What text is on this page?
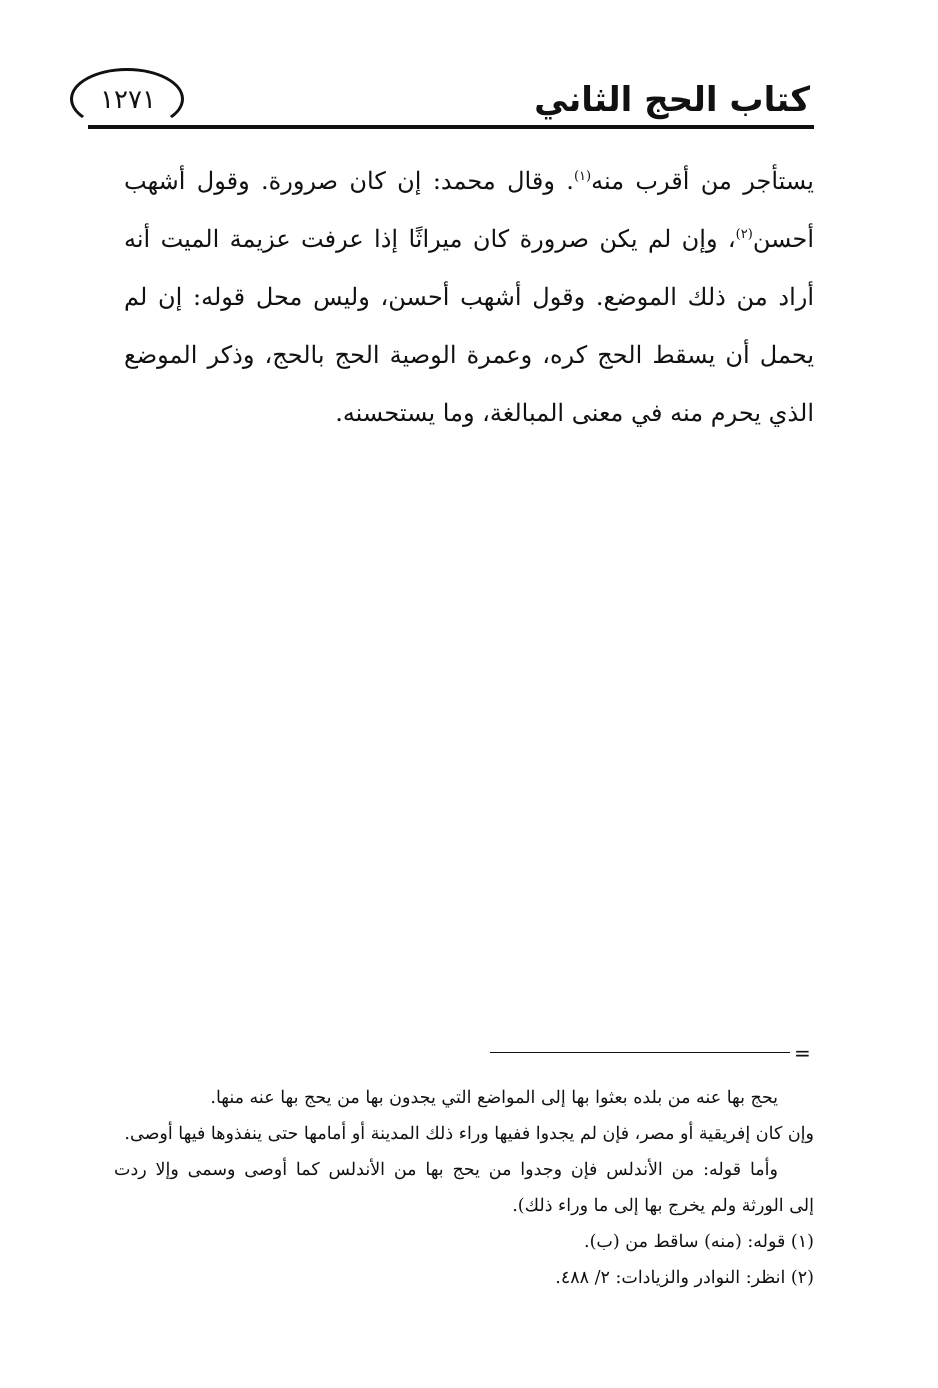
كتاب الحج الثاني
١٢٧١

يستأجر من أقرب منه$^{(١)}$. وقال محمد: إن كان صرورة. وقول أشهب أحسن$^{(٢)}$، وإن لم يكن صرورة كان ميراثًا إذا عرفت عزيمة الميت أنه أراد من ذلك الموضع. وقول أشهب أحسن، وليس محل قوله: إن لم يحمل أن يسقط الحج كره، وعمرة الوصية الحج بالحج، وذكر الموضع الذي يحرم منه في معنى المبالغة، وما يستحسنه.

=

يحج بها عنه من بلده بعثوا بها إلى المواضع التي يجدون بها من يحج بها عنه منها.

وإن كان إفريقية أو مصر، فإن لم يجدوا ففيها وراء ذلك المدينة أو أمامها حتى ينفذوها فيها أوصى.

وأما قوله: من الأندلس فإن وجدوا من يحج بها من الأندلس كما أوصى وسمى وإلا ردت

إلى الورثة ولم يخرج بها إلى ما وراء ذلك).

(١) قوله: (منه) ساقط من (ب).

(٢) انظر: النوادر والزيادات: ٢/ ٤٨٨.
